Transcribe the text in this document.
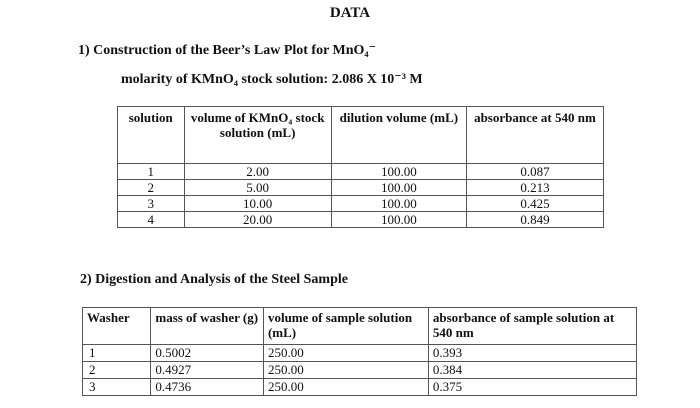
DATA
1) Construction of the Beer’s Law Plot for MnO₄⁻
molarity of KMnO₄ stock solution: 2.086 X 10⁻³ M
solution	volume of KMnO₄ stock solution (mL)	dilution volume (mL)	absorbance at 540 nm
1	2.00	100.00	0.087
2	5.00	100.00	0.213
3	10.00	100.00	0.425
4	20.00	100.00	0.849
2) Digestion and Analysis of the Steel Sample
Washer	mass of washer (g)	volume of sample solution (mL)	absorbance of sample solution at 540 nm
1	0.5002	250.00	0.393
2	0.4927	250.00	0.384
3	0.4736	250.00	0.375
